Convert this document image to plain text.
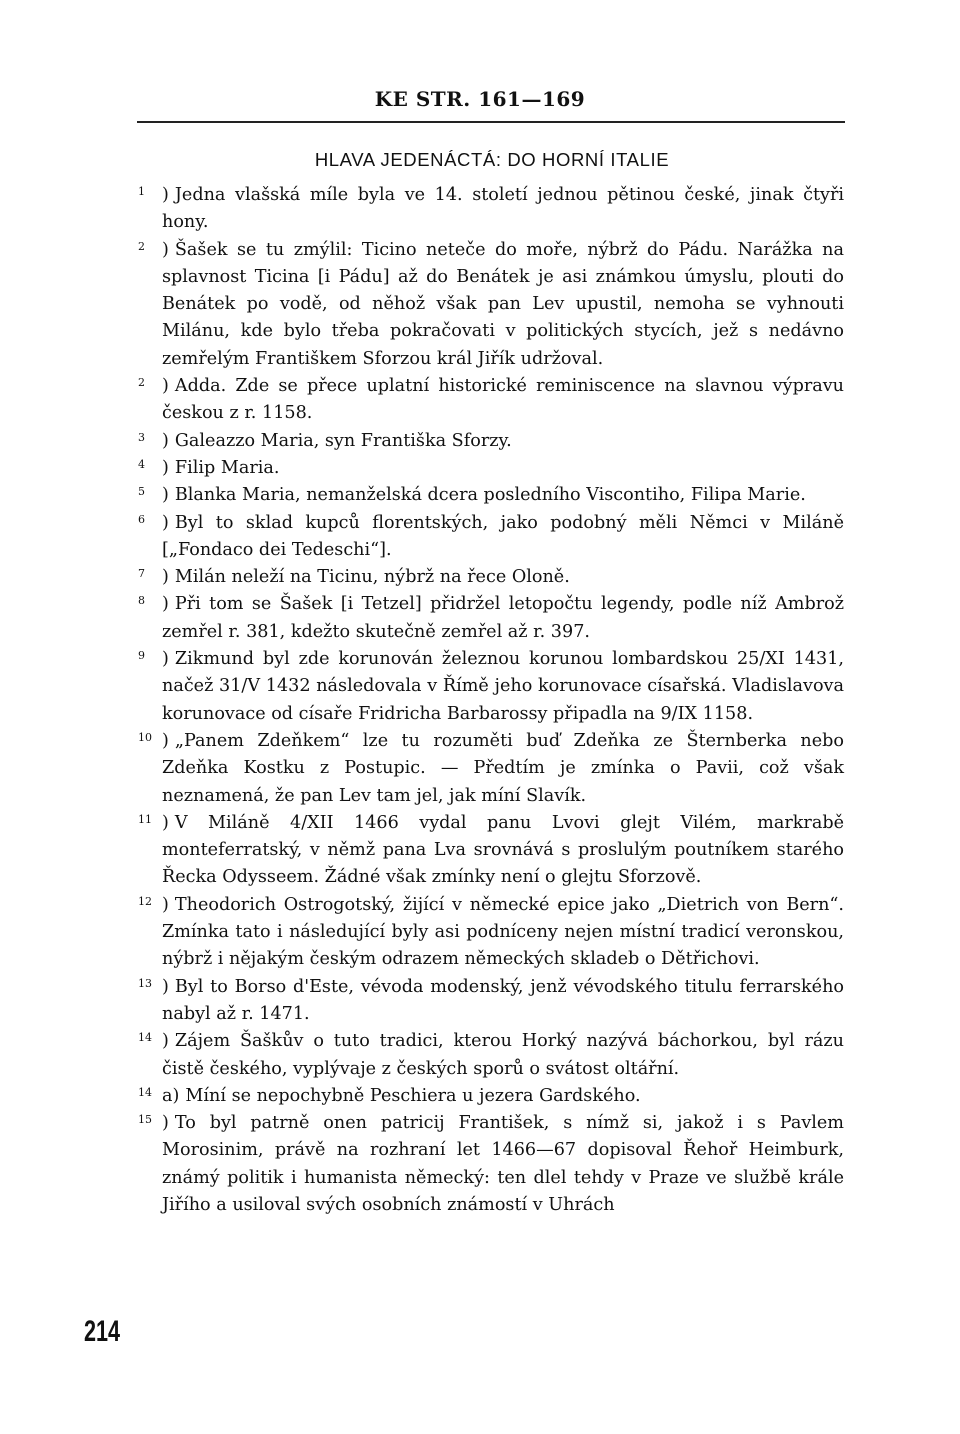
KE STR. 161—169
HLAVA JEDENÁCTÁ: DO HORNÍ ITALIE
1 ) Jedna vlašská míle byla ve 14. století jednou pětinou české, jinak čtyři hony.
2 ) Šašek se tu zmýlil: Ticino neteče do moře, nýbrž do Pádu. Narážka na splavnost Ticina [i Pádu] až do Benátek je asi známkou úmyslu, plouti do Benátek po vodě, od něhož však pan Lev upustil, nemoha se vyhnouti Milánu, kde bylo třeba pokračovati v politických stycích, jež s nedávno zemřelým Františkem Sforzou král Jiřík udržoval.
2 ) Adda. Zde se přece uplatní historické reminiscence na slavnou výpravu českou z r. 1158.
3 ) Galeazzo Maria, syn Františka Sforzy.
4 ) Filip Maria.
5 ) Blanka Maria, nemanželská dcera posledního Viscontiho, Filipa Marie.
6 ) Byl to sklad kupců florentských, jako podobný měli Němci v Miláně [„Fondaco dei Tedeschi“].
7 ) Milán neleží na Ticinu, nýbrž na řece Oloně.
8 ) Při tom se Šašek [i Tetzel] přidržel letopočtu legendy, podle níž Ambrož zemřel r. 381, kdežto skutečně zemřel až r. 397.
9 ) Zikmund byl zde korunován železnou korunou lombardskou 25/XI 1431, načež 31/V 1432 následovala v Římě jeho korunovace císařská. Vladislavova korunovace od císaře Fridricha Barbarossy připadla na 9/IX 1158.
10 ) „Panem Zdeňkem“ lze tu rozuměti buď Zdeňka ze Šternberka nebo Zdeňka Kostku z Postupic. — Předtím je zmínka o Pavii, což však neznamená, že pan Lev tam jel, jak míní Slavík.
11 ) V Miláně 4/XII 1466 vydal panu Lvovi glejt Vilém, markrabě monteferratský, v němž pana Lva srovnává s proslulým poutníkem starého Řecka Odysseem. Žádné však zmínky není o glejtu Sforzově.
12 ) Theodorich Ostrogotský, žijící v německé epice jako „Dietrich von Bern“. Zmínka tato i následující byly asi podníceny nejen místní tradicí veronskou, nýbrž i nějakým českým odrazem německých skladeb o Dětřichovi.
13 ) Byl to Borso d'Este, vévoda modenský, jenž vévodského titulu ferrarského nabyl až r. 1471.
14 ) Zájem Šaškův o tuto tradici, kterou Horký nazývá báchorkou, byl rázu čistě českého, vyplývaje z českých sporů o svátost oltářní.
14 a) Míní se nepochybně Peschiera u jezera Gardského.
15 ) To byl patrně onen patricij František, s nímž si, jakož i s Pavlem Morosinim, právě na rozhraní let 1466—67 dopisoval Řehoř Heimburk, známý politik i humanista německý: ten dlel tehdy v Praze ve službě krále Jiřího a usiloval svých osobních známostí v Uhrách
214
